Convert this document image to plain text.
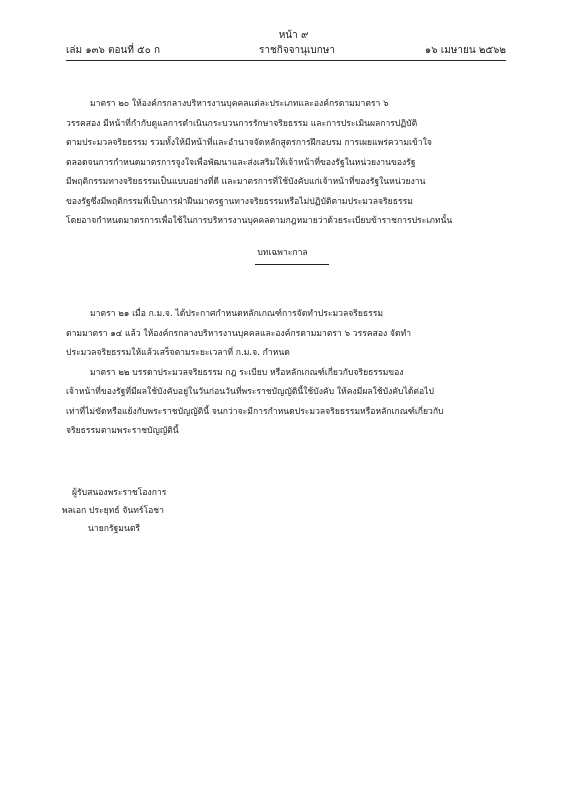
หน้า ๙
ราชกิจจานุเบกษา
เล่ม ๑๓๖ ตอนที่ ๕๐ ก	๑๖ เมษายน ๒๕๖๒

มาตรา ๒๐ ให้องค์กรกลางบริหารงานบุคคลแต่ละประเภทและองค์กรตามมาตรา ๖

วรรคสอง มีหน้าที่กำกับดูแลการดำเนินกระบวนการรักษาจริยธรรม และการประเมินผลการปฏิบัติ

ตามประมวลจริยธรรม รวมทั้งให้มีหน้าที่และอำนาจจัดหลักสูตรการฝึกอบรม การเผยแพร่ความเข้าใจ

ตลอดจนการกำหนดมาตรการจูงใจเพื่อพัฒนาและส่งเสริมให้เจ้าหน้าที่ของรัฐในหน่วยงานของรัฐ

มีพฤติกรรมทางจริยธรรมเป็นแบบอย่างที่ดี และมาตรการที่ใช้บังคับแก่เจ้าหน้าที่ของรัฐในหน่วยงาน

ของรัฐซึ่งมีพฤติกรรมที่เป็นการฝ่าฝืนมาตรฐานทางจริยธรรมหรือไม่ปฏิบัติตามประมวลจริยธรรม

โดยอาจกำหนดมาตรการเพื่อใช้ในการบริหารงานบุคคลตามกฎหมายว่าด้วยระเบียบข้าราชการประเภทนั้น

บทเฉพาะกาล

มาตรา ๒๑ เมื่อ ก.ม.จ. ได้ประกาศกำหนดหลักเกณฑ์การจัดทำประมวลจริยธรรม

ตามมาตรา ๑๔ แล้ว ให้องค์กรกลางบริหารงานบุคคลและองค์กรตามมาตรา ๖ วรรคสอง จัดทำ

ประมวลจริยธรรมให้แล้วเสร็จตามระยะเวลาที่ ก.ม.จ. กำหนด

มาตรา ๒๒ บรรดาประมวลจริยธรรม กฎ ระเบียบ หรือหลักเกณฑ์เกี่ยวกับจริยธรรมของ

เจ้าหน้าที่ของรัฐที่มีผลใช้บังคับอยู่ในวันก่อนวันที่พระราชบัญญัตินี้ใช้บังคับ ให้คงมีผลใช้บังคับได้ต่อไป

เท่าที่ไม่ขัดหรือแย้งกับพระราชบัญญัตินี้ จนกว่าจะมีการกำหนดประมวลจริยธรรมหรือหลักเกณฑ์เกี่ยวกับ

จริยธรรมตามพระราชบัญญัตินี้

ผู้รับสนองพระราชโองการ
พลเอก ประยุทธ์ จันทร์โอชา
นายกรัฐมนตรี
